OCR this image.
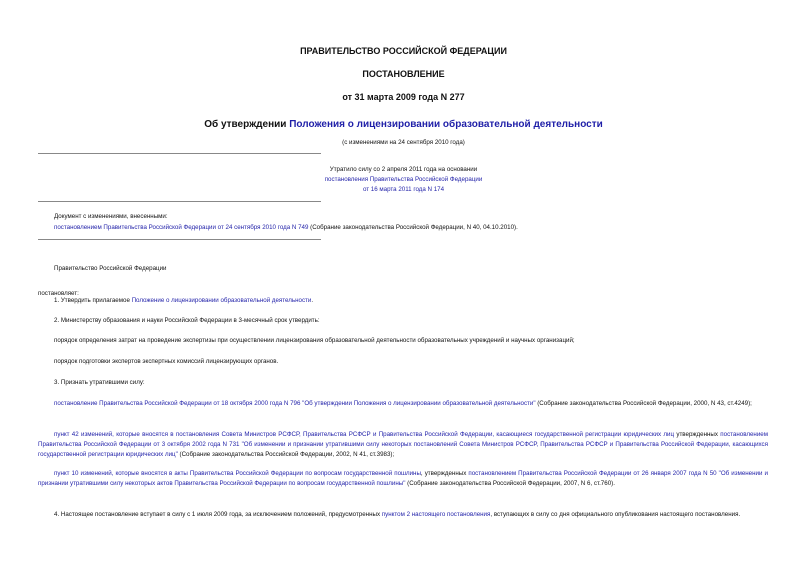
ПРАВИТЕЛЬСТВО РОССИЙСКОЙ ФЕДЕРАЦИИ
ПОСТАНОВЛЕНИЕ
от 31 марта 2009 года N 277
Об утверждении Положения о лицензировании образовательной деятельности
(с изменениями на 24 сентября 2010 года)
Утратило силу со 2 апреля 2011 года на основании
постановления Правительства Российской Федерации
от 16 марта 2011 года N 174
Документ с изменениями, внесенными:
постановлением Правительства Российской Федерации от 24 сентября 2010 года N 749 (Собрание законодательства Российской Федерации, N 40, 04.10.2010).
Правительство Российской Федерации
постановляет:
1. Утвердить прилагаемое Положение о лицензировании образовательной деятельности.
2. Министерству образования и науки Российской Федерации в 3-месячный срок утвердить:
порядок определения затрат на проведение экспертизы при осуществлении лицензирования образовательной деятельности образовательных учреждений и научных организаций;
порядок подготовки экспертов экспертных комиссий лицензирующих органов.
3. Признать утратившими силу:
постановление Правительства Российской Федерации от 18 октября 2000 года N 796 "Об утверждении Положения о лицензировании образовательной деятельности" (Собрание законодательства Российской Федерации, 2000, N 43, ст.4249);
пункт 42 изменений, которые вносятся в постановления Совета Министров РСФСР, Правительства РСФСР и Правительства Российской Федерации, касающиеся государственной регистрации юридических лиц утвержденных постановлением Правительства Российской Федерации от 3 октября 2002 года N 731 "Об изменении и признании утратившими силу некоторых постановлений Совета Министров РСФСР, Правительства РСФСР и Правительства Российской Федерации, касающихся государственной регистрации юридических лиц" (Собрание законодательства Российской Федерации, 2002, N 41, ст.3983);
пункт 10 изменений, которые вносятся в акты Правительства Российской Федерации по вопросам государственной пошлины, утвержденных постановлением Правительства Российской Федерации от 26 января 2007 года N 50 "Об изменении и признании утратившими силу некоторых актов Правительства Российской Федерации по вопросам государственной пошлины" (Собрание законодательства Российской Федерации, 2007, N 6, ст.760).
4. Настоящее постановление вступает в силу с 1 июля 2009 года, за исключением положений, предусмотренных пунктом 2 настоящего постановления, вступающих в силу со дня официального опубликования настоящего постановления.
